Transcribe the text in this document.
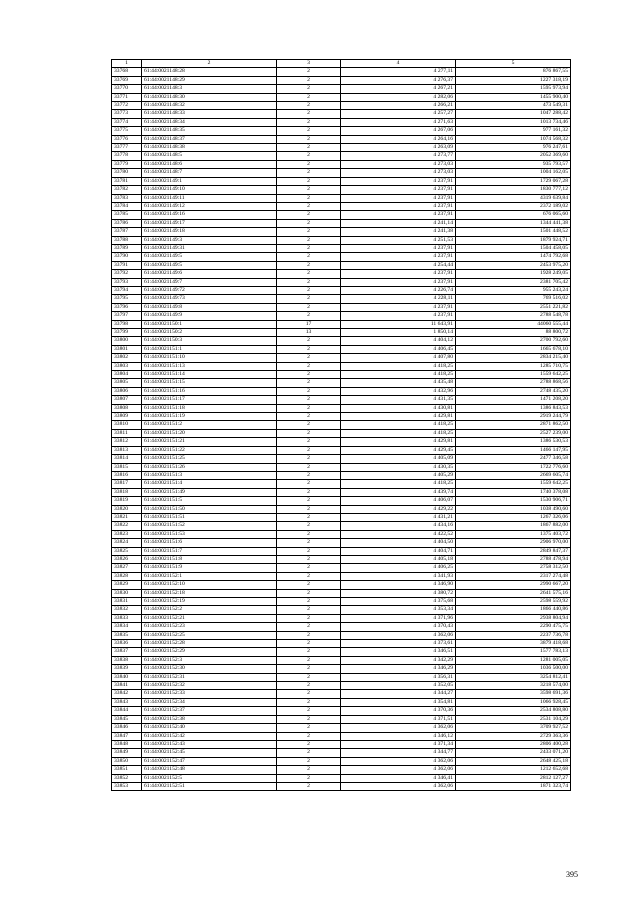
1	2	3	4	5
33768	61:44:0021148:28	2	4 277,11	876 867,55
33769	61:44:0021148:29	2	4 276,37	1227 318,19
33770	61:44:0021148:3	2	4 267,21	1595 973,94
33771	61:44:0021148:30	2	4 282,06	1455 900,40
33772	61:44:0021148:32	2	4 266,21	473 549,31
33773	61:44:0021148:33	2	4 257,27	1047 288,42
33774	61:44:0021148:34	2	4 271,63	1013 734,46
33775	61:44:0021148:35	2	4 267,06	977 161,32
33776	61:44:0021148:37	2	4 264,16	1074 568,32
33777	61:44:0021148:38	2	4 263,09	976 247,61
33778	61:44:0021148:5	2	4 273,77	2052 369,60
33779	61:44:0021148:6	2	4 273,03	935 793,57
33780	61:44:0021148:7	2	4 273,03	1004 162,05
33781	61:44:0021149:1	2	4 237,91	1729 067,28
33782	61:44:0021149:10	2	4 237,91	1830 777,12
33783	61:44:0021149:11	2	4 237,91	4319 639,84
33784	61:44:0021149:12	2	4 237,91	2372 189,02
33785	61:44:0021149:16	2	4 237,91	676 065,60
33786	61:44:0021149:17	2	4 241,14	1344 441,38
33787	61:44:0021149:18	2	4 241,38	1501 448,52
33788	61:44:0021149:3	2	4 251,53	1879 924,71
33789	61:44:0021149:31	2	4 237,91	1504 458,05
33790	61:44:0021149:5	2	4 237,91	1474 792,68
33791	61:44:0021149:5	2	4 254,44	2453 975,20
33792	61:44:0021149:6	2	4 237,91	1928 249,05
33793	61:44:0021149:7	2	4 237,91	2381 705,42
33794	61:44:0021149:72	2	4 226,74	955 243,24
33795	61:44:0021149:73	2	4 228,11	769 516,02
33796	61:44:0021149:8	2	4 237,91	2551 221,82
33797	61:44:0021149:9	2	4 237,91	2788 548,78
33798	61:44:0021150:1	17	11 643,91	44060 555,44
33799	61:44:0021150:2	13	1 850,14	88 800,72
33800	61:44:0021150:3	2	4 404,12	2700 792,60
33801	61:44:0021151:1	2	4 406,45	1665 678,10
33802	61:44:0021151:10	2	4 407,80	2834 215,40
33803	61:44:0021151:13	2	4 418,25	1285 710,75
33804	61:44:0021151:14	2	4 418,25	1559 642,25
33805	61:44:0021151:15	2	4 435,48	2788 868,56
33806	61:44:0021151:16	2	4 432,96	2748 435,20
33807	61:44:0021151:17	2	4 431,35	1471 208,20
33808	61:44:0021151:18	2	4 430,81	1386 843,53
33809	61:44:0021151:19	2	4 429,81	2919 244,79
33810	61:44:0021151:2	2	4 418,25	2871 862,50
33811	61:44:0021151:20	2	4 418,25	2527 239,00
33812	61:44:0021151:21	2	4 429,81	1386 530,53
33813	61:44:0021151:22	2	4 429,45	1466 147,95
33814	61:44:0021151:25	2	4 405,09	2477 346,58
33815	61:44:0021151:26	2	4 430,35	1722 776,60
33816	61:44:0021151:3	2	4 405,29	2669 605,74
33817	61:44:0021151:4	2	4 418,25	1559 642,25
33818	61:44:0021151:49	2	4 439,74	1740 378,08
33819	61:44:0021151:5	2	4 406,07	1530 906,71
33820	61:44:0021151:50	2	4 429,22	1038 490,60
33821	61:44:0021151:51	2	4 431,21	1267 326,06
33822	61:44:0021151:52	2	4 434,16	1867 882,00
33823	61:44:0021151:53	2	4 422,52	1375 403,72
33824	61:44:0021151:6	2	4 404,50	2906 970,00
33825	61:44:0021151:7	2	4 404,71	2849 847,37
33826	61:44:0021151:8	2	4 405,18	2788 478,94
33827	61:44:0021151:9	2	4 406,25	2758 312,50
33828	61:44:0021152:1	2	4 341,93	2317 274,48
33829	61:44:0021152:10	2	4 346,90	2990 667,20
33830	61:44:0021152:18	2	4 380,72	2641 575,16
33831	61:44:0021152:19	2	4 375,68	2598 559,92
33832	61:44:0021152:2	2	4 353,34	1866 440,86
33833	61:44:0021152:21	2	4 371,96	2938 804,94
33834	61:44:0021152:23	2	4 370,43	2290 475,75
33835	61:44:0021152:25	2	4 362,06	2237 736,78
33836	61:44:0021152:28	2	4 373,61	3879 418,68
33837	61:44:0021152:29	2	4 346,51	1577 783,13
33838	61:44:0021152:3	2	4 342,29	1281 005,05
33839	61:44:0021152:30	2	4 346,29	1036 500,00
33840	61:44:0021152:31	2	4 356,31	3254 812,41
33841	61:44:0021152:32	2	4 352,05	3218 574,00
33842	61:44:0021152:33	2	4 344,27	3598 691,36
33843	61:44:0021152:34	2	4 354,81	1066 928,45
33844	61:44:0021152:37	2	4 370,36	2534 808,80
33845	61:44:0021152:38	2	4 371,51	2531 104,29
33846	61:44:0021152:40	2	4 362,06	3709 927,52
33847	61:44:0021152:42	2	4 346,12	2729 363,36
33848	61:44:0021152:43	2	4 371,34	2806 400,28
33849	61:44:0021152:45	2	4 344,77	2433 071,20
33850	61:44:0021152:47	2	4 362,06	2648 425,18
33851	61:44:0021152:48	2	4 362,06	1212 652,68
33852	61:44:0021152:5	2	4 346,41	2812 127,27
33853	61:44:0021152:51	2	4 362,06	1871 323,74
395
